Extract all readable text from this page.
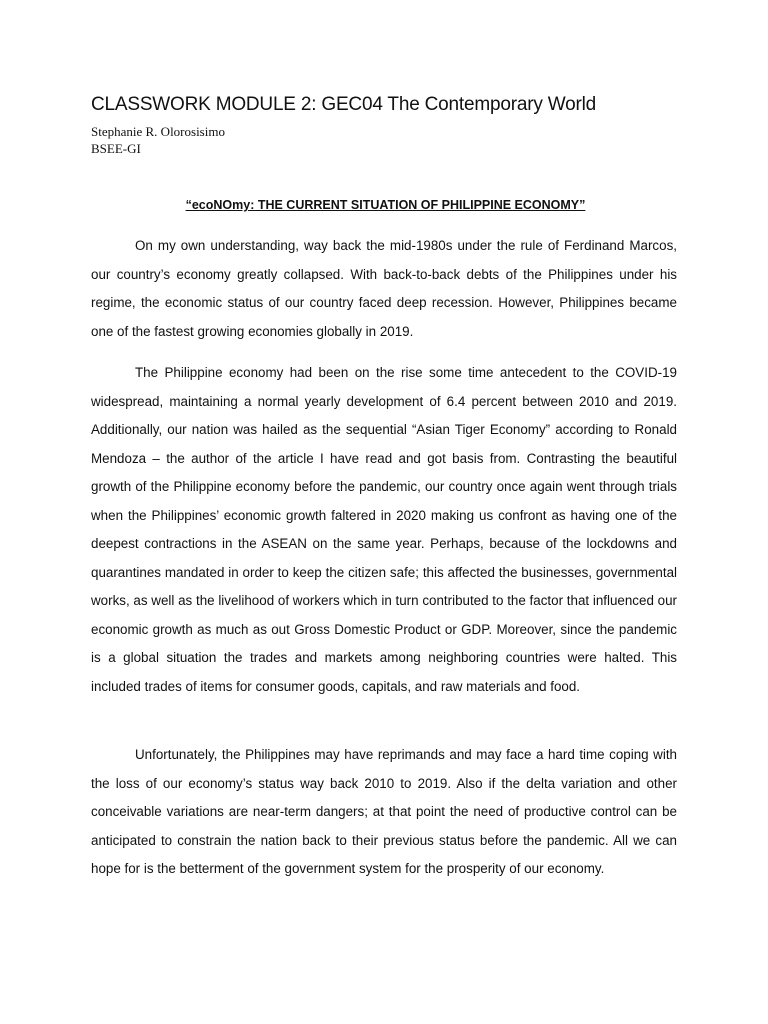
CLASSWORK MODULE 2: GEC04 The Contemporary World
Stephanie R. Olorosisimo
BSEE-GI
“ecoNOmy: THE CURRENT SITUATION OF PHILIPPINE ECONOMY”

On my own understanding, way back the mid-1980s under the rule of Ferdinand Marcos, our country’s economy greatly collapsed. With back-to-back debts of the Philippines under his regime, the economic status of our country faced deep recession. However, Philippines became one of the fastest growing economies globally in 2019.

The Philippine economy had been on the rise some time antecedent to the COVID-19 widespread, maintaining a normal yearly development of 6.4 percent between 2010 and 2019. Additionally, our nation was hailed as the sequential “Asian Tiger Economy” according to Ronald Mendoza – the author of the article I have read and got basis from. Contrasting the beautiful growth of the Philippine economy before the pandemic, our country once again went through trials when the Philippines’ economic growth faltered in 2020 making us confront as having one of the deepest contractions in the ASEAN on the same year. Perhaps, because of the lockdowns and quarantines mandated in order to keep the citizen safe; this affected the businesses, governmental works, as well as the livelihood of workers which in turn contributed to the factor that influenced our economic growth as much as out Gross Domestic Product or GDP. Moreover, since the pandemic is a global situation the trades and markets among neighboring countries were halted. This included trades of items for consumer goods, capitals, and raw materials and food.

Unfortunately, the Philippines may have reprimands and may face a hard time coping with the loss of our economy’s status way back 2010 to 2019. Also if the delta variation and other conceivable variations are near-term dangers; at that point the need of productive control can be anticipated to constrain the nation back to their previous status before the pandemic. All we can hope for is the betterment of the government system for the prosperity of our economy.
